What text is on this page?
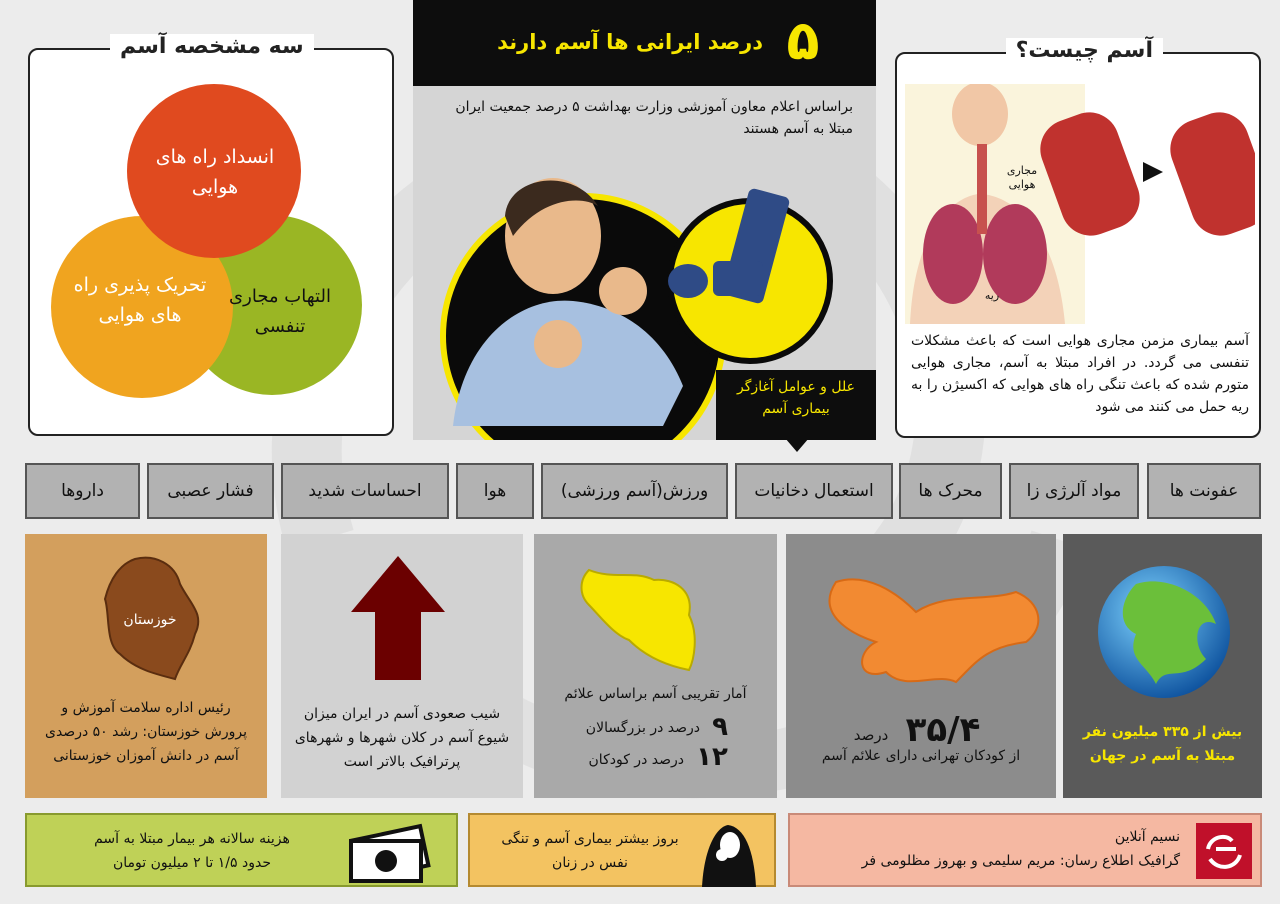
سه مشخصه آسم
انسداد راه های هوایی
تحریک پذیری راه های هوایی
التهاب مجاری تنفسی
درصد ایرانی ها آسم دارند ۵
براساس اعلام معاون آموزشی وزارت بهداشت ۵ درصد جمعیت ایران مبتلا به آسم هستند
علل و عوامل آغازگر بیماری آسم
آسم چیست؟
مجاری هوایی
ریه
آسم بیماری مزمن مجاری هوایی است که باعث مشکلات تنفسی می گردد. در افراد مبتلا به آسم، مجاری هوایی متورم شده که باعث تنگی راه های هوایی که اکسیژن را به ریه حمل می کنند می شود
عفونت ها
مواد آلرژی زا
محرک ها
استعمال دخانیات
ورزش(آسم ورزشی)
هوا
احساسات شدید
فشار عصبی
داروها
بیش از ۳۳۵ میلیون نفر مبتلا به آسم در جهان
۳۵/۴
درصد
از کودکان تهرانی دارای علائم آسم
آمار تقریبی آسم براساس علائم
۹
درصد در بزرگسالان
۱۲
درصد در کودکان
شیب صعودی آسم در ایران میزان شیوع آسم در کلان شهرها و شهرهای پرترافیک بالاتر است
خوزستان
رئیس اداره سلامت آموزش و پرورش خوزستان: رشد ۵۰ درصدی آسم در دانش آموزان خوزستانی
نسیم آنلاین
گرافیک اطلاع رسان: مریم سلیمی و بهروز مظلومی فر
بروز بیشتر بیماری آسم و تنگی نفس در زنان
هزینه سالانه هر بیمار مبتلا به آسم
حدود ۱/۵ تا ۲ میلیون تومان
